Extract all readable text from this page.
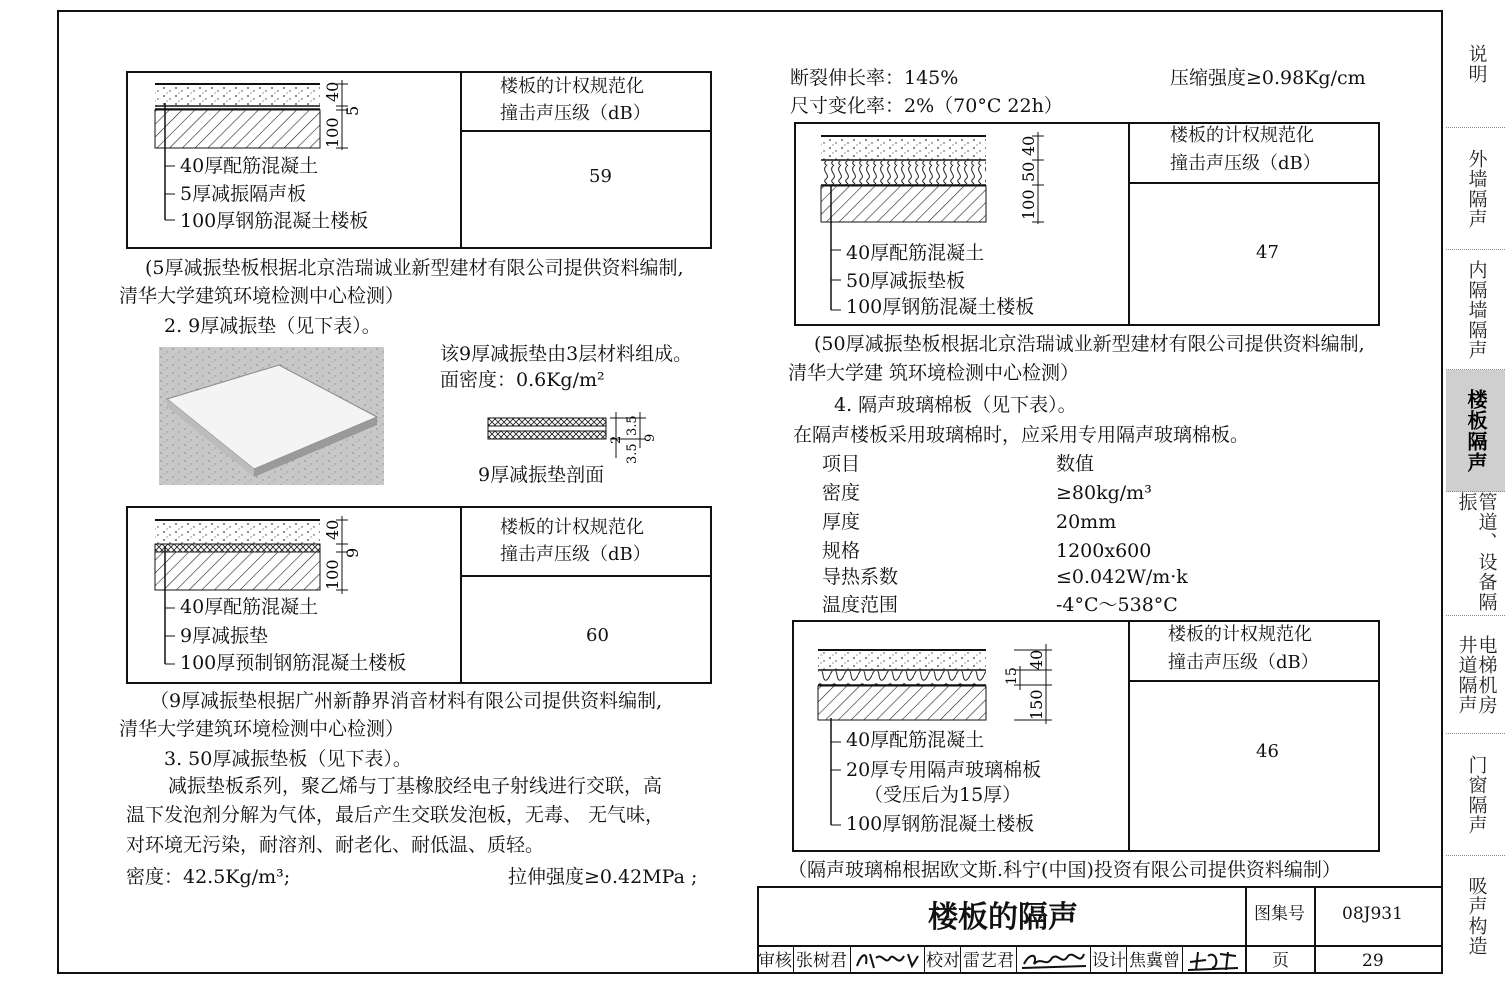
说明
外墙隔声
内隔墙隔声
楼板隔声
管道、设备隔振
井道隔声
电梯机房
门窗隔声
吸声构造
楼板的计权规范化
撞击声压级（dB）
59
40
5
100
40厚配筋混凝土
5厚减振隔声板
100厚钢筋混凝土楼板
(5厚减振垫板根据北京浩瑞诚业新型建材有限公司提供资料编制,
清华大学建筑环境检测中心检测）
2. 9厚减振垫（见下表）。
该9厚减振垫由3层材料组成。
面密度：0.6Kg/m²
3.5
2
3.5
9
9厚减振垫剖面
楼板的计权规范化
撞击声压级（dB）
60
40
9
100
40厚配筋混凝土
9厚减振垫
100厚预制钢筋混凝土楼板
（9厚减振垫根据广州新静界消音材料有限公司提供资料编制,
清华大学建筑环境检测中心检测）
3. 50厚减振垫板（见下表）。
减振垫板系列，聚乙烯与丁基橡胶经电子射线进行交联，高
温下发泡剂分解为气体，最后产生交联发泡板，无毒、 无气味，
对环境无污染，耐溶剂、耐老化、耐低温、质轻。
密度：42.5Kg/m³;	拉伸强度≥0.42MPa ;
断裂伸长率：145%	压缩强度≥0.98Kg/cm
尺寸变化率：2%（70°C 22h）
楼板的计权规范化
撞击声压级（dB）
47
40
50
100
40厚配筋混凝土
50厚减振垫板
100厚钢筋混凝土楼板
(50厚减振垫板根据北京浩瑞诚业新型建材有限公司提供资料编制,
清华大学建 筑环境检测中心检测）
4. 隔声玻璃棉板（见下表）。
在隔声楼板采用玻璃棉时，应采用专用隔声玻璃棉板。
项目	数值
密度	≥80kg/m³
厚度	20mm
规格	1200x600
导热系数	≤0.042W/m·k
温度范围	-4°C～538°C
楼板的计权规范化
撞击声压级（dB）
46
40
15
150
40厚配筋混凝土
20厚专用隔声玻璃棉板
（受压后为15厚）
100厚钢筋混凝土楼板
（隔声玻璃棉根据欧文斯.科宁(中国)投资有限公司提供资料编制）
楼板的隔声	图集号 08J931
页	29
审核 张树君	校对 雷艺君	设计 焦冀曾
